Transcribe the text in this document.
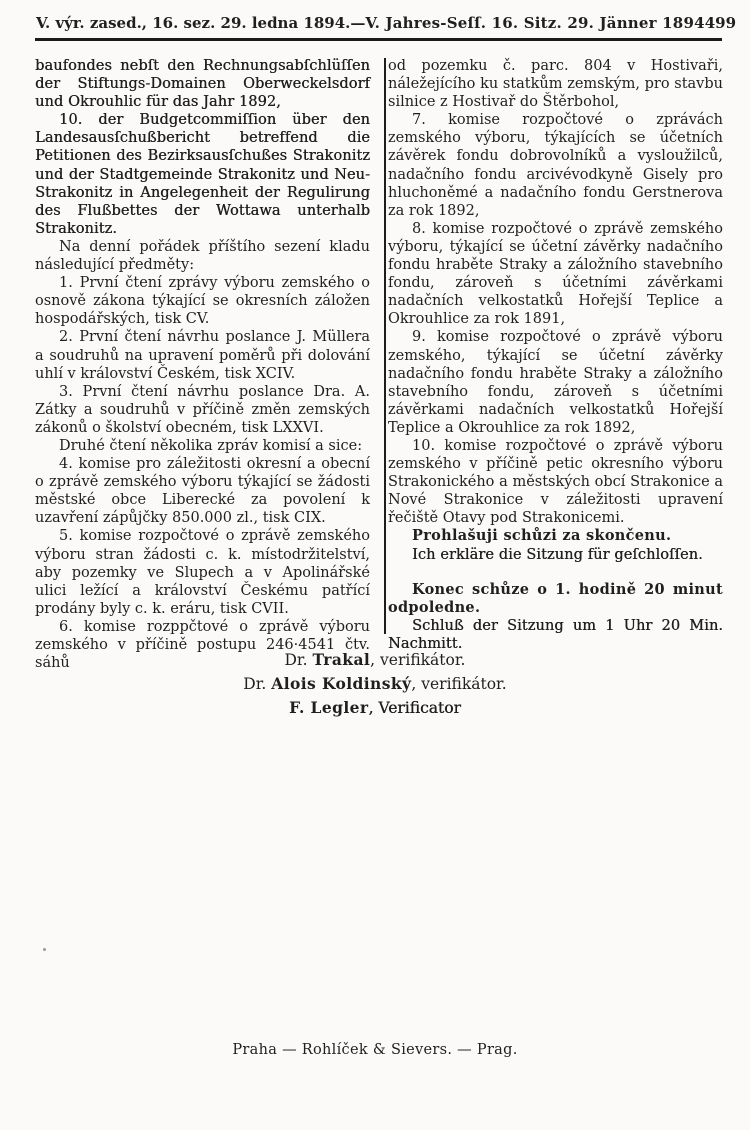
V. výr. zased., 16. sez. 29. ledna 1894. — V. Jahres-Seſſ. 16. Sitz. 29. Jänner 1894 499

baufondes nebſt den Rechnungsabſchlüſſen der Stiftungs-Domainen Oberweckelsdorf und Okrouhlic für das Jahr 1892,

10. der Budgetcommiſſion über den Landesausſchußbericht betreffend die Petitionen des Bezirksausſchußes Strakonitz und der Stadtgemeinde Strakonitz und Neu-Strakonitz in Angelegenheit der Regulirung des Flußbettes der Wottawa unterhalb Strakonitz.

Na denní pořádek příštího sezení kladu následující předměty:

1. První čtení zprávy výboru zemského o osnově zákona týkající se okresních záložen hospodářských, tisk CV.

2. První čtení návrhu poslance J. Müllera a soudruhů na upravení poměrů při dolování uhlí v království Českém, tisk XCIV.

3. První čtení návrhu poslance Dra. A. Zátky a soudruhů v příčině změn zemských zákonů o školství obecném, tisk LXXVI.

Druhé čtení několika zpráv komisí a sice:

4. komise pro záležitosti okresní a obecní o zprávě zemského výboru týkající se žádosti městské obce Liberecké za povolení k uzavření zápůjčky 850.000 zl., tisk CIX.

5. komise rozpočtové o zprávě zemského výboru stran žádosti c. k. místodržitelství, aby pozemky ve Slupech a v Apolinářské ulici ležící a království Českému patřící prodány byly c. k. eráru, tisk CVII.

6. komise rozppčtové o zprávě výboru zemského v příčině postupu 246·4541 čtv. sáhů

od pozemku č. parc. 804 v Hostivaři, náležejícího ku statkům zemským, pro stavbu silnice z Hostivař do Štěrbohol,

7. komise rozpočtové o zprávách zemského výboru, týkajících se účetních závěrek fondu dobrovolníků a vysloužilců, nadačního fondu arcivévodkyně Gisely pro hluchoněmé a nadačního fondu Gerstnerova za rok 1892,

8. komise rozpočtové o zprávě zemského výboru, týkající se účetní závěrky nadačního fondu hraběte Straky a záložního stavebního fondu, zároveň s účetními závěrkami nadačních velkostatků Hořejší Teplice a Okrouhlice za rok 1891,

9. komise rozpočtové o zprávě výboru zemského, týkající se účetní závěrky nadačního fondu hraběte Straky a záložního stavebního fondu, zároveň s účetními závěrkami nadačních velkostatků Hořejší Teplice a Okrouhlice za rok 1892,

10. komise rozpočtové o zprávě výboru zemského v příčině petic okresního výboru Strakonického a městských obcí Strakonice a Nové Strakonice v záležitosti upravení řečiště Otavy pod Strakonicemi.

Prohlašuji schůzi za skončenu.

Ich erkläre die Sitzung für geſchloſſen.

Konec schůze o 1. hodině 20 minut odpoledne.

Schluß der Sitzung um 1 Uhr 20 Min. Nachmitt.

Dr. Trakal, verifikátor.
Dr. Alois Koldinský, verifikátor.
F. Legler, Verificator
Praha — Rohlíček & Sievers. — Prag.
